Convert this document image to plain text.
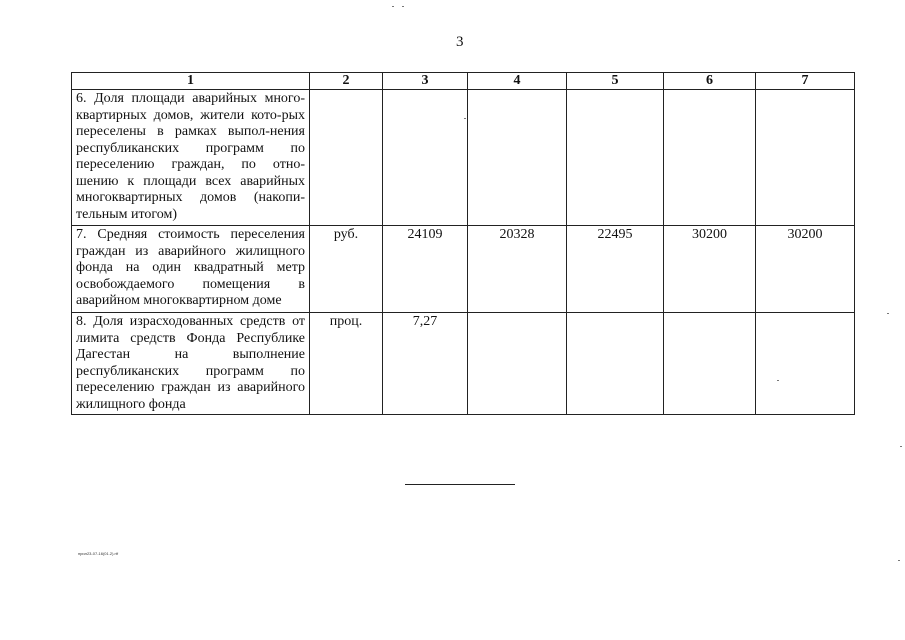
3
1	2	3	4	5	6	7
6. Доля площади аварийных много-квартирных домов, жители кото-рых переселены в рамках выпол-нения республиканских программ по переселению граждан, по отно-шению к площади всех аварийных многоквартирных домов (накопи-тельным итогом)						
7. Средняя стоимость переселения граждан из аварийного жилищного фонда на один квадратный метр освобождаемого помещения в аварийном многоквартирном доме	руб.	24109	20328	22495	30200	30200
8. Доля израсходованных средств от лимита средств Фонда Республике Дагестан на выполнение республиканских программ по переселению граждан из аварийного жилищного фонда	проц.	7,27				
прил23-07-16(01.2).rtf
